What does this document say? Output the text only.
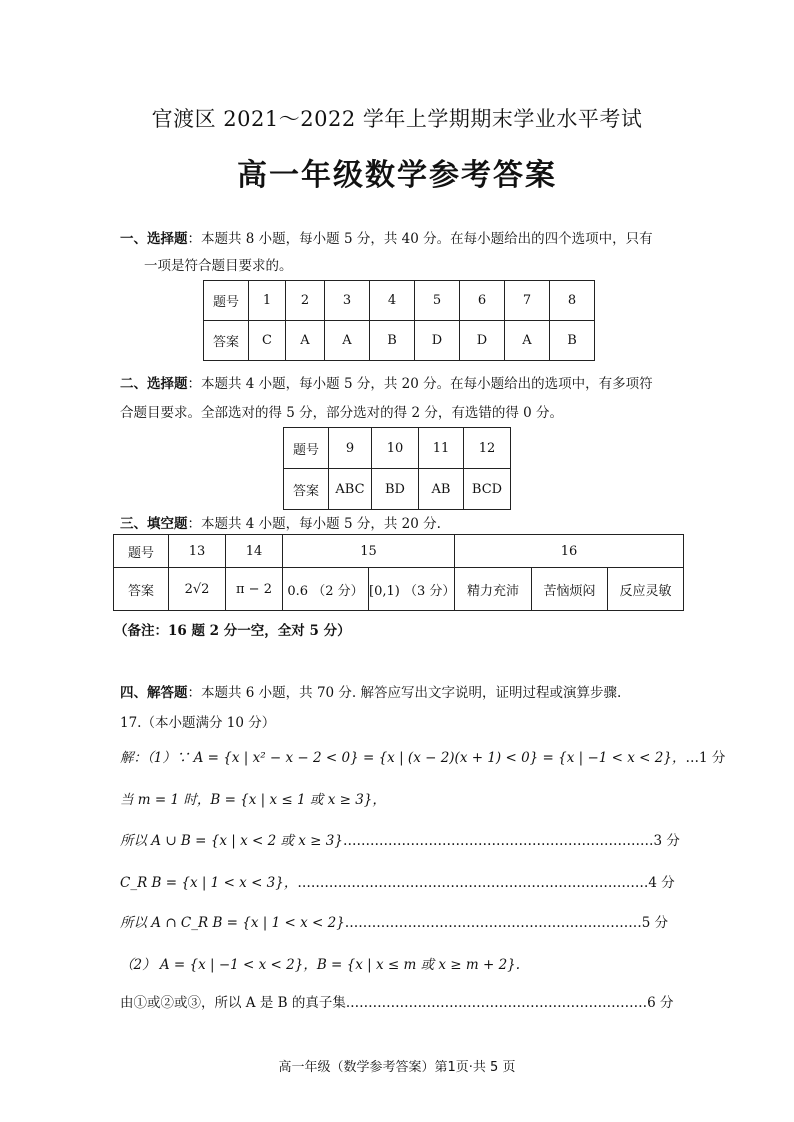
官渡区 2021～2022 学年上学期期末学业水平考试
高一年级数学参考答案
一、选择题：本题共 8 小题，每小题 5 分，共 40 分。在每小题给出的四个选项中，只有
一项是符合题目要求的。
题号	1	2	3	4	5	6	7	8
答案	C	A	A	B	D	D	A	B
二、选择题：本题共 4 小题，每小题 5 分，共 20 分。在每小题给出的选项中，有多项符
合题目要求。全部选对的得 5 分，部分选对的得 2 分，有选错的得 0 分。
题号	9	10	11	12
答案	ABC	BD	AB	BCD
三、填空题：本题共 4 小题，每小题 5 分，共 20 分.
题号	13	14	15		16		
答案	2√2	π − 2	0.6 （2 分）	[0,1) （3 分）	精力充沛	苦恼烦闷	反应灵敏
（备注：16 题 2 分一空，全对 5 分）
四、解答题：本题共 6 小题，共 70 分. 解答应写出文字说明，证明过程或演算步骤.
17.（本小题满分 10 分）
解：（1）∵ A = {x | x² − x − 2 < 0} = {x | (x − 2)(x + 1) < 0} = {x | −1 < x < 2}，…1 分
当 m = 1 时，B = {x | x ≤ 1 或 x ≥ 3}，
所以 A ∪ B = {x | x < 2 或 x ≥ 3}……………………………………………………………3 分
C_R B = {x | 1 < x < 3}，……………………………………………………………………4 分
所以 A ∩ C_R B = {x | 1 < x < 2}…………………………………………………………5 分
（2） A = {x | −1 < x < 2}，B = {x | x ≤ m 或 x ≥ m + 2}.
由①或②或③，所以 A 是 B 的真子集.…………………………………………………………6 分
高一年级（数学参考答案）第1页·共 5 页
